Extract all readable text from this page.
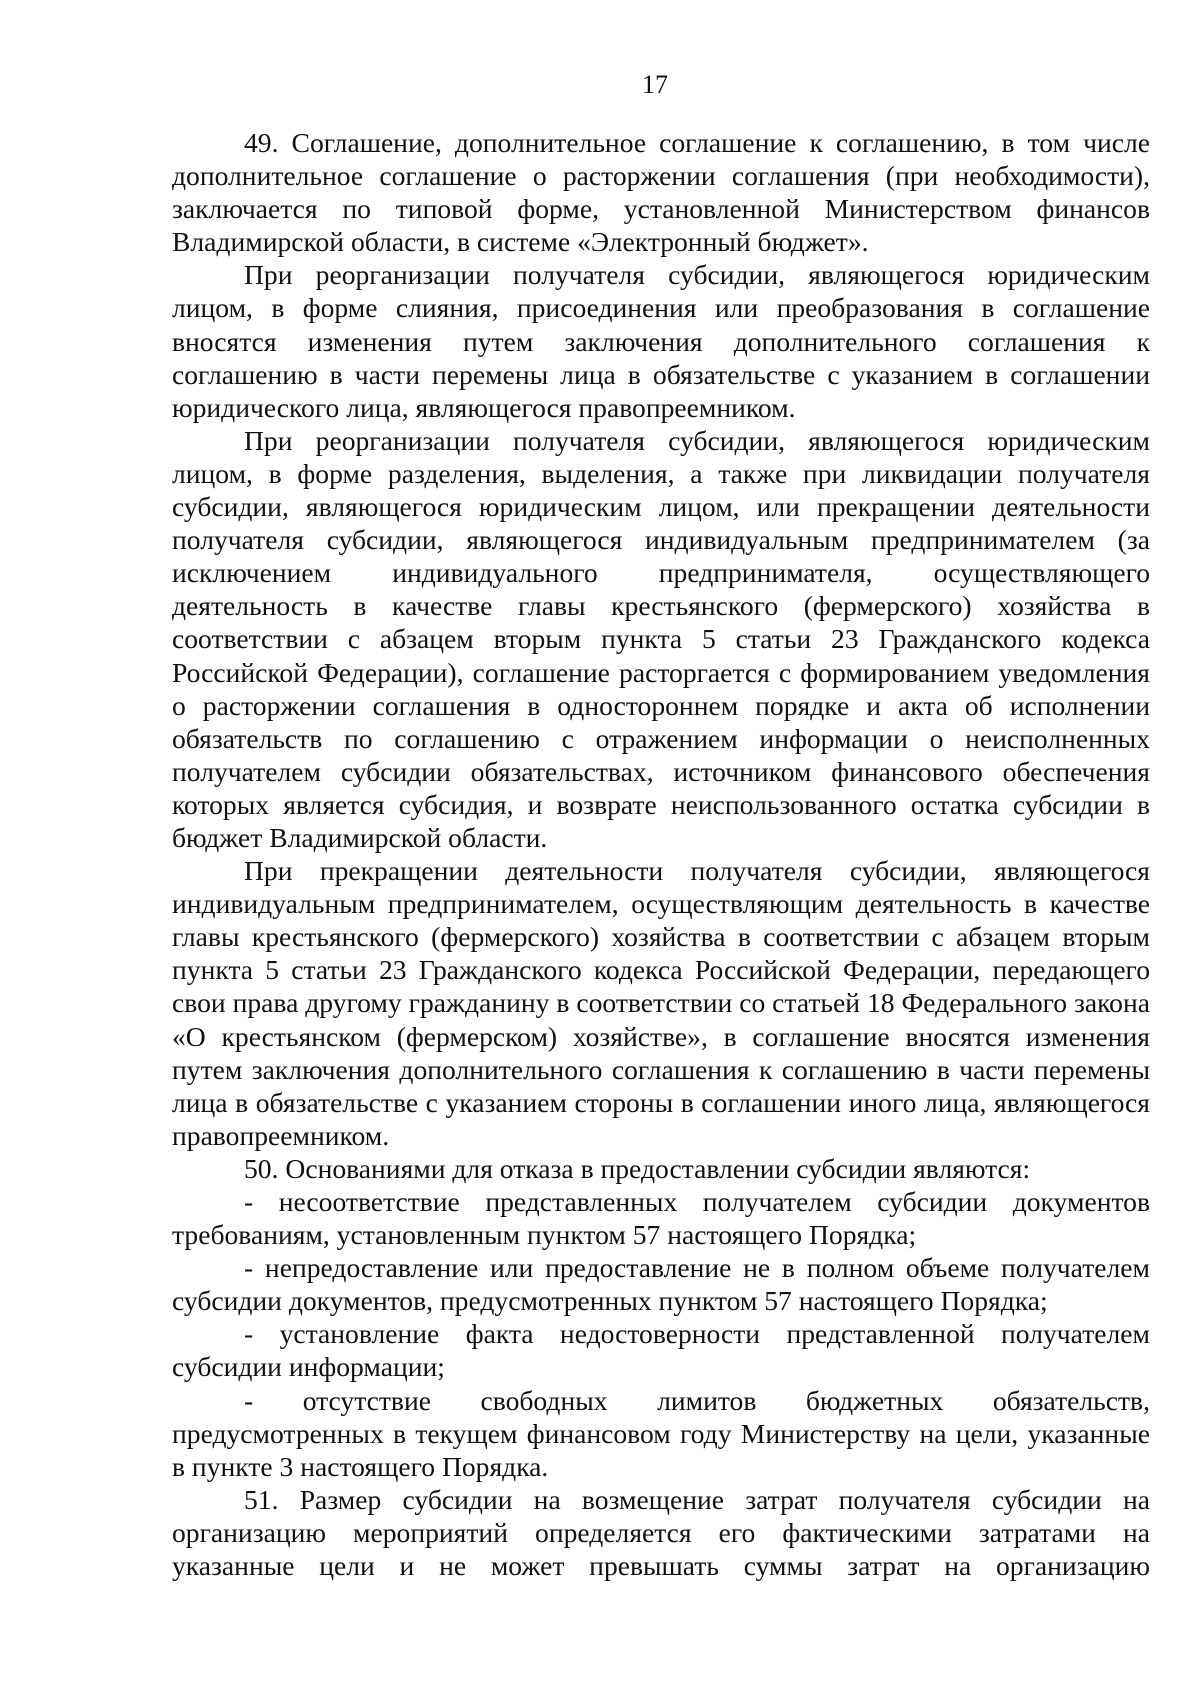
17

49. Соглашение, дополнительное соглашение к соглашению, в том числе дополнительное соглашение о расторжении соглашения (при необходимости), заключается по типовой форме, установленной Министерством финансов Владимирской области, в системе «Электронный бюджет».

При реорганизации получателя субсидии, являющегося юридическим лицом, в форме слияния, присоединения или преобразования в соглашение вносятся изменения путем заключения дополнительного соглашения к соглашению в части перемены лица в обязательстве с указанием в соглашении юридического лица, являющегося правопреемником.

При реорганизации получателя субсидии, являющегося юридическим лицом, в форме разделения, выделения, а также при ликвидации получателя субсидии, являющегося юридическим лицом, или прекращении деятельности получателя субсидии, являющегося индивидуальным предпринимателем (за исключением индивидуального предпринимателя, осуществляющего деятельность в качестве главы крестьянского (фермерского) хозяйства в соответствии с абзацем вторым пункта 5 статьи 23 Гражданского кодекса Российской Федерации), соглашение расторгается с формированием уведомления о расторжении соглашения в одностороннем порядке и акта об исполнении обязательств по соглашению с отражением информации о неисполненных получателем субсидии обязательствах, источником финансового обеспечения которых является субсидия, и возврате неиспользованного остатка субсидии в бюджет Владимирской области.

При прекращении деятельности получателя субсидии, являющегося индивидуальным предпринимателем, осуществляющим деятельность в качестве главы крестьянского (фермерского) хозяйства в соответствии с абзацем вторым пункта 5 статьи 23 Гражданского кодекса Российской Федерации, передающего свои права другому гражданину в соответствии со статьей 18 Федерального закона «О крестьянском (фермерском) хозяйстве», в соглашение вносятся изменения путем заключения дополнительного соглашения к соглашению в части перемены лица в обязательстве с указанием стороны в соглашении иного лица, являющегося правопреемником.

50. Основаниями для отказа в предоставлении субсидии являются:

- несоответствие представленных получателем субсидии документов требованиям, установленным пунктом 57 настоящего Порядка;

- непредоставление или предоставление не в полном объеме получателем субсидии документов, предусмотренных пунктом 57 настоящего Порядка;

- установление факта недостоверности представленной получателем субсидии информации;

- отсутствие свободных лимитов бюджетных обязательств, предусмотренных в текущем финансовом году Министерству на цели, указанные в пункте 3 настоящего Порядка.

51. Размер субсидии на возмещение затрат получателя субсидии на организацию мероприятий определяется его фактическими затратами на указанные цели и не может превышать суммы затрат на организацию
